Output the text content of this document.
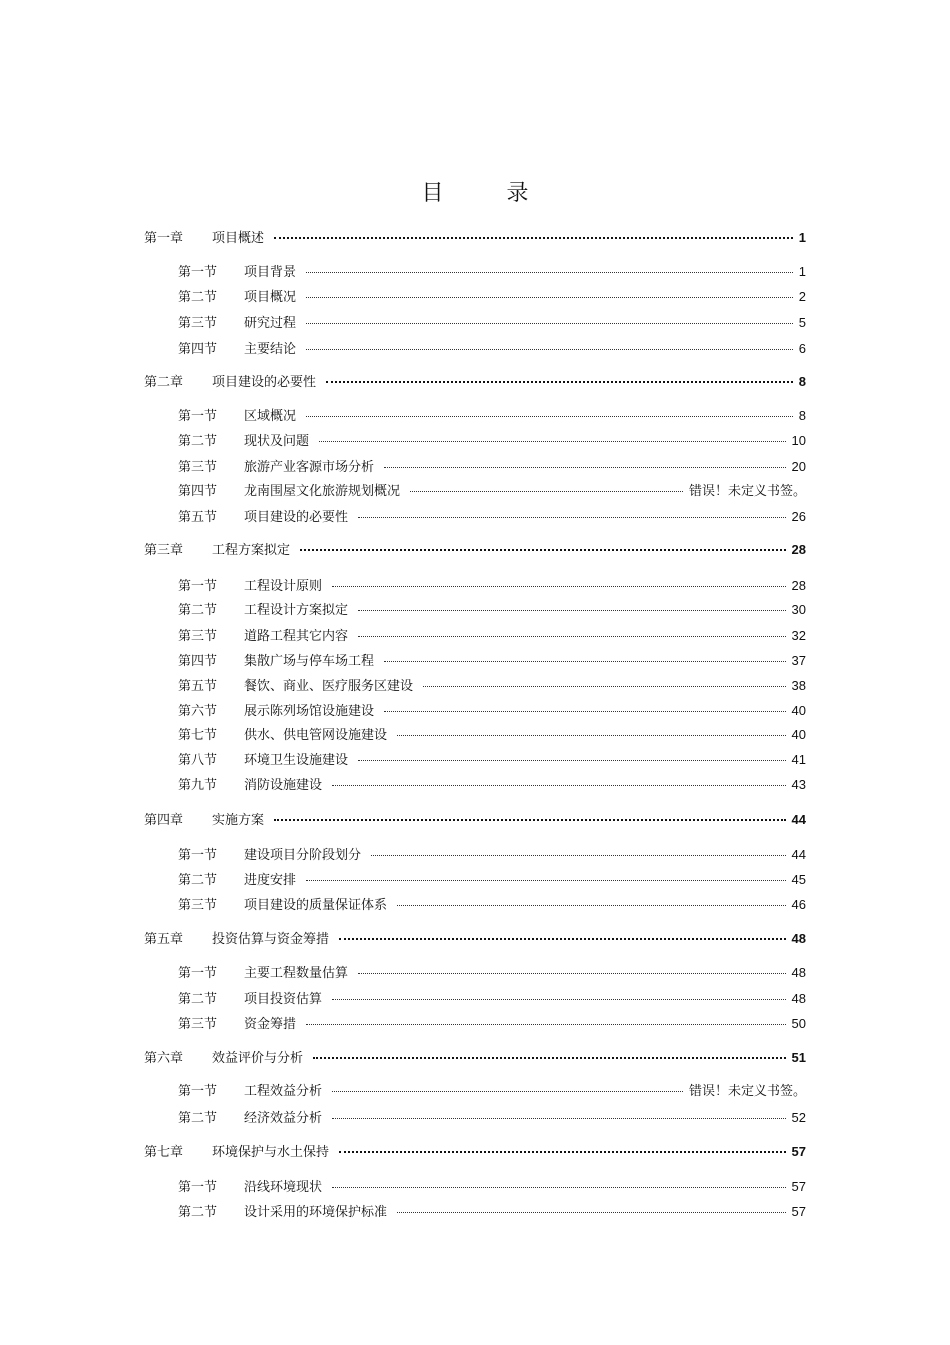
目 录
第一章	项目概述	1
第一节	项目背景	1
第二节	项目概况	2
第三节	研究过程	5
第四节	主要结论	6
第二章	项目建设的必要性	8
第一节	区域概况	8
第二节	现状及问题	10
第三节	旅游产业客源市场分析	20
第四节	龙南围屋文化旅游规划概况	错误！未定义书签。
第五节	项目建设的必要性	26
第三章	工程方案拟定	28
第一节	工程设计原则	28
第二节	工程设计方案拟定	30
第三节	道路工程其它内容	32
第四节	集散广场与停车场工程	37
第五节	餐饮、商业、医疗服务区建设	38
第六节	展示陈列场馆设施建设	40
第七节	供水、供电管网设施建设	40
第八节	环境卫生设施建设	41
第九节	消防设施建设	43
第四章	实施方案	44
第一节	建设项目分阶段划分	44
第二节	进度安排	45
第三节	项目建设的质量保证体系	46
第五章	投资估算与资金筹措	48
第一节	主要工程数量估算	48
第二节	项目投资估算	48
第三节	资金筹措	50
第六章	效益评价与分析	51
第一节	工程效益分析	错误！未定义书签。
第二节	经济效益分析	52
第七章	环境保护与水土保持	57
第一节	沿线环境现状	57
第二节	设计采用的环境保护标准	57
